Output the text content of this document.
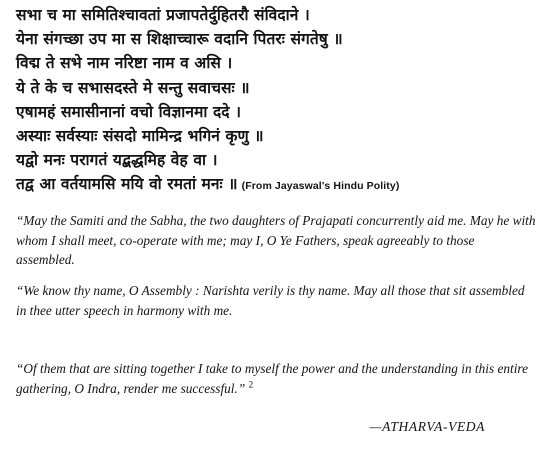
सभा च मा समितिश्चावतां प्रजापतेर्दुहितरौ संविदाने ।
येना संगच्छा उप मा स शिक्षाच्चारू वदानि पितरः संगतेषु ॥
विद्म ते सभे नाम नरिष्टा नाम व असि ।
ये ते के च सभासदस्ते मे सन्तु सवाचसः ॥
एषामहं समासीनानां वचो विज्ञानमा ददे ।
अस्याः सर्वस्याः संसदो मामिन्द्र भगिनं कृणु ॥
यद्वो मनः परागतं यद्बद्धमिह वेह वा ।
तद्व आ वर्तयामसि मयि वो रमतां मनः ॥ (From Jayaswal's Hindu Polity)

“May the Samiti and the Sabha, the two daughters of Prajapati concurrently aid me. May he with whom I shall meet, co-operate with me; may I, O Ye Fathers, speak agreeably to those assembled.

“We know thy name, O Assembly : Narishta verily is thy name. May all those that sit assembled in thee utter speech in harmony with me.

“Of them that are sitting together I take to myself the power and the understanding in this entire gathering, O Indra, render me successful.” $^2$

—ATHARVA-VEDA
